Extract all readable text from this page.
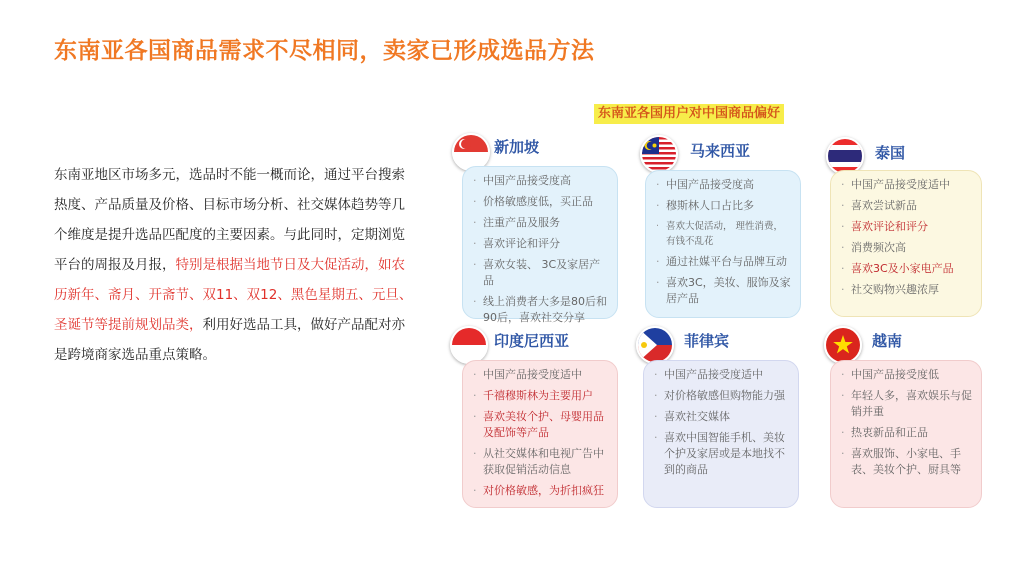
东南亚各国商品需求不尽相同，卖家已形成选品方法
东南亚地区市场多元，选品时不能一概而论，通过平台搜索热度、产品质量及价格、目标市场分析、社交媒体趋势等几个维度是提升选品匹配度的主要因素。与此同时，定期浏览平台的周报及月报，特别是根据当地节日及大促活动，如农历新年、斋月、开斋节、双11、双12、黑色星期五、元旦、圣诞节等提前规划品类，利用好选品工具，做好产品配对亦是跨境商家选品重点策略。
东南亚各国用户对中国商品偏好
新加坡
· 中国产品接受度高
· 价格敏感度低，买正品
· 注重产品及服务
· 喜欢评论和评分
· 喜欢女装、 3C及家居产品
· 线上消费者大多是80后和90后，喜欢社交分享
马来西亚
· 中国产品接受度高
· 穆斯林人口占比多
· 喜欢大促活动， 理性消费，有钱不乱花
· 通过社媒平台与品牌互动
· 喜欢3C，美妆、服饰及家居产品
泰国
· 中国产品接受度适中
· 喜欢尝试新品
· 喜欢评论和评分
· 消费频次高
· 喜欢3C及小家电产品
· 社交购物兴趣浓厚
印度尼西亚
· 中国产品接受度适中
· 千禧穆斯林为主要用户
· 喜欢美妆个护、母婴用品及配饰等产品
· 从社交媒体和电视广告中获取促销活动信息
· 对价格敏感，为折扣疯狂
菲律宾
· 中国产品接受度适中
· 对价格敏感但购物能力强
· 喜欢社交媒体
· 喜欢中国智能手机、美妆个护及家居或是本地找不到的商品
越南
· 中国产品接受度低
· 年轻人多，喜欢娱乐与促销并重
· 热衷新品和正品
· 喜欢服饰、小家电、手表、美妆个护、厨具等
